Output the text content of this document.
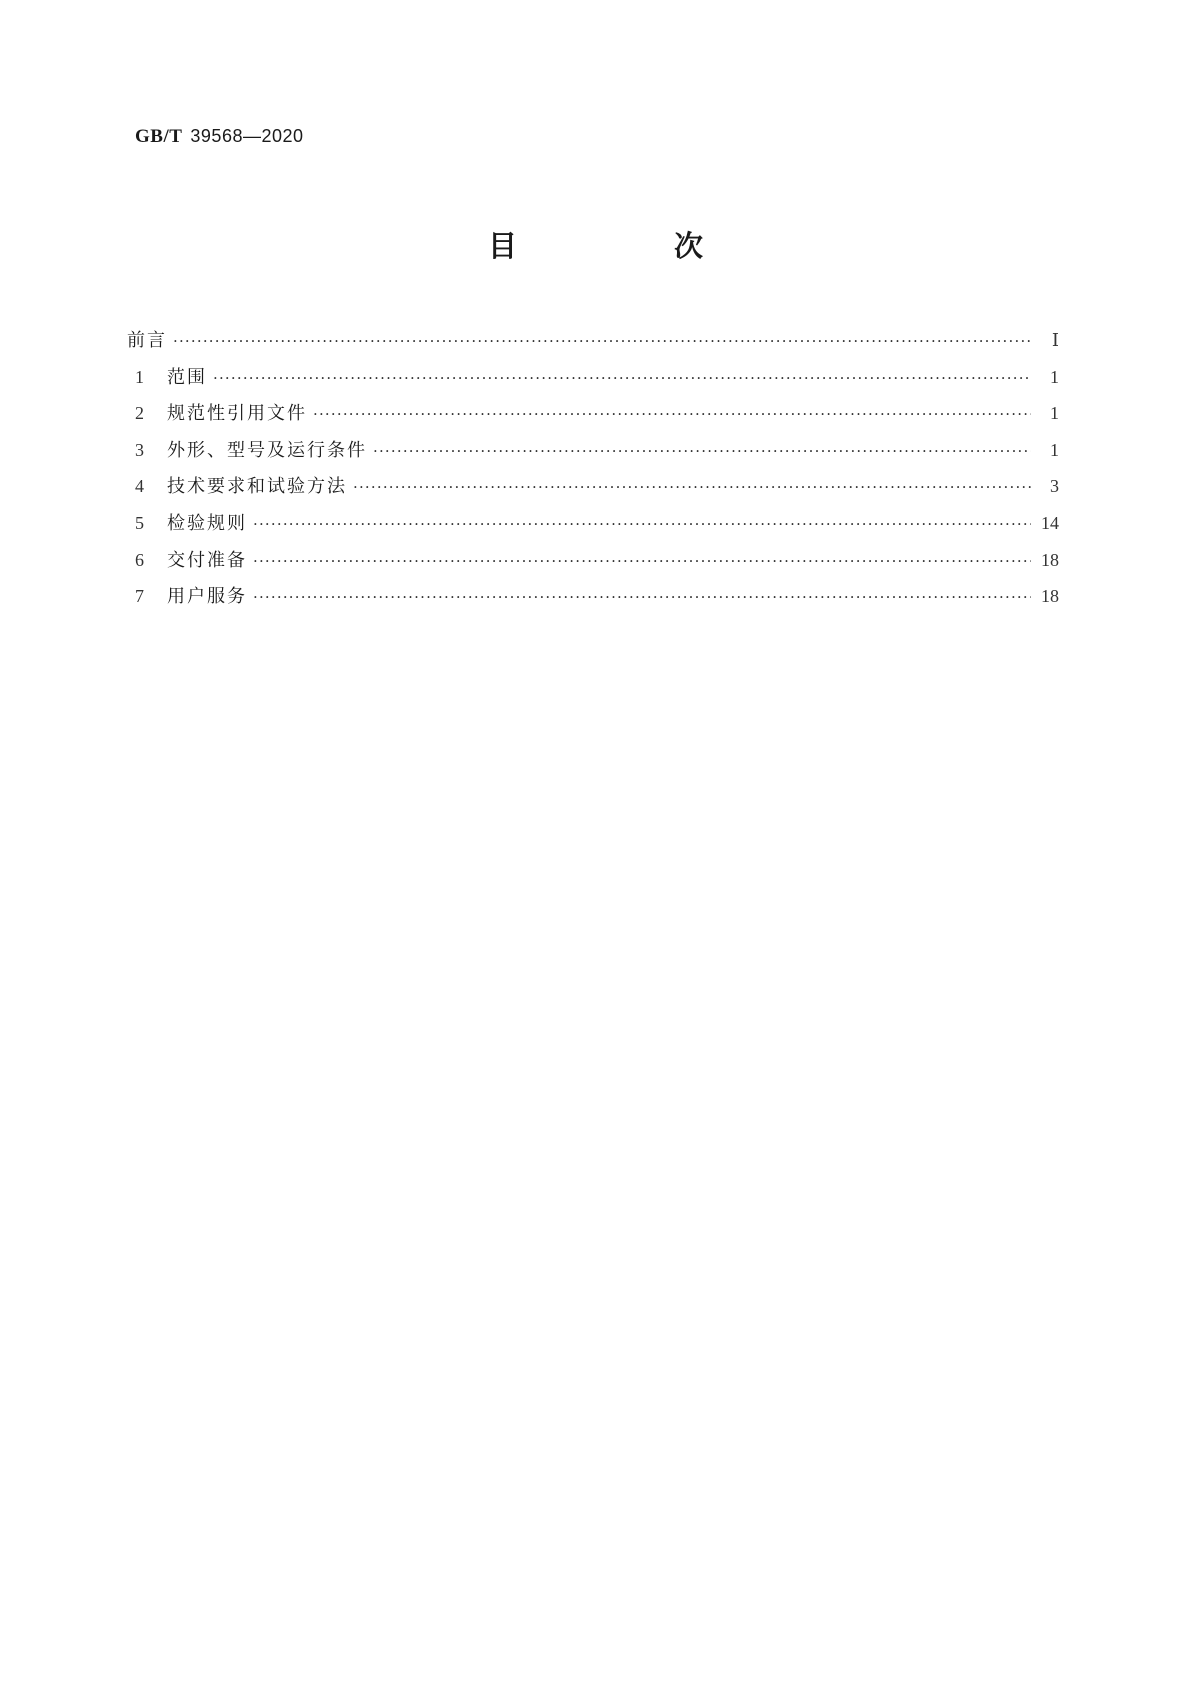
GB/T 39568—2020
目　次
前言 ·····	Ⅰ
1	范围 ·····	1
2	规范性引用文件 ·····	1
3	外形、型号及运行条件 ·····	1
4	技术要求和试验方法 ·····	3
5	检验规则 ·····	14
6	交付准备 ·····	18
7	用户服务 ·····	18
